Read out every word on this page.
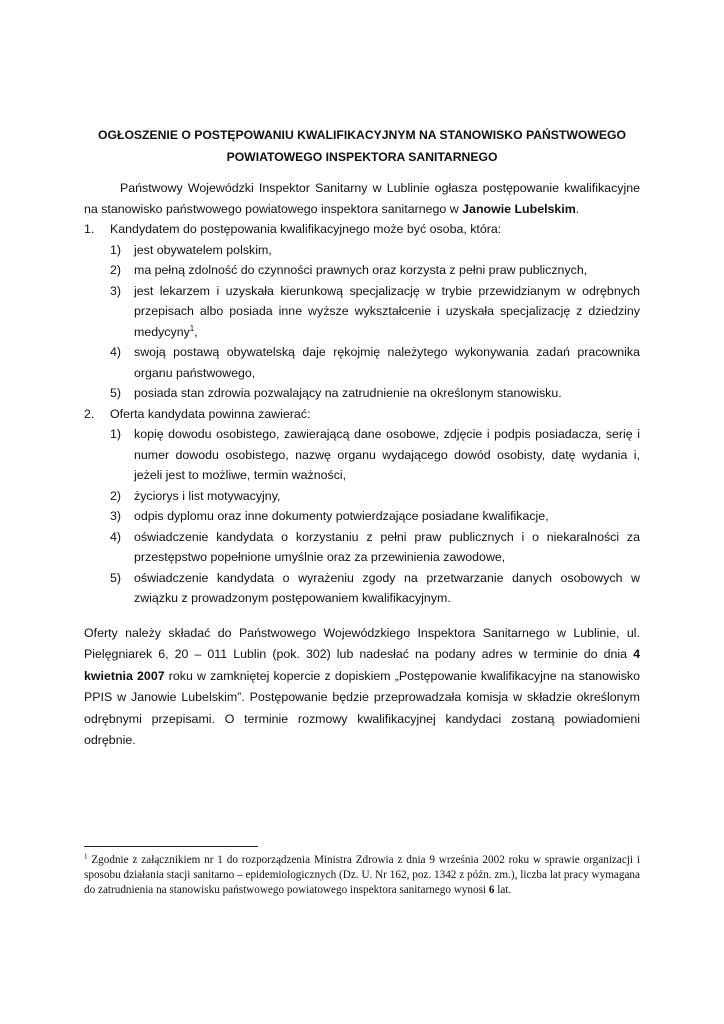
OGŁOSZENIE O POSTĘPOWANIU KWALIFIKACYJNYM NA STANOWISKO PAŃSTWOWEGO
POWIATOWEGO INSPEKTORA SANITARNEGO

Państwowy Wojewódzki Inspektor Sanitarny w Lublinie ogłasza postępowanie kwalifikacyjne na stanowisko państwowego powiatowego inspektora sanitarnego w Janowie Lubelskim.

1. Kandydatem do postępowania kwalifikacyjnego może być osoba, która:
1) jest obywatelem polskim,
2) ma pełną zdolność do czynności prawnych oraz korzysta z pełni praw publicznych,
3) jest lekarzem i uzyskała kierunkową specjalizację w trybie przewidzianym w odrębnych przepisach albo posiada inne wyższe wykształcenie i uzyskała specjalizację z dziedziny medycyny$^1$,
4) swoją postawą obywatelską daje rękojmię należytego wykonywania zadań pracownika organu państwowego,
5) posiada stan zdrowia pozwalający na zatrudnienie na określonym stanowisku.
2. Oferta kandydata powinna zawierać:
1) kopię dowodu osobistego, zawierającą dane osobowe, zdjęcie i podpis posiadacza, serię i numer dowodu osobistego, nazwę organu wydającego dowód osobisty, datę wydania i, jeżeli jest to możliwe, termin ważności,
2) życiorys i list motywacyjny,
3) odpis dyplomu oraz inne dokumenty potwierdzające posiadane kwalifikacje,
4) oświadczenie kandydata o korzystaniu z pełni praw publicznych i o niekaralności za przestępstwo popełnione umyślnie oraz za przewinienia zawodowe,
5) oświadczenie kandydata o wyrażeniu zgody na przetwarzanie danych osobowych w związku z prowadzonym postępowaniem kwalifikacyjnym.

Oferty należy składać do Państwowego Wojewódzkiego Inspektora Sanitarnego w Lublinie, ul. Pielęgniarek 6, 20 – 011 Lublin (pok. 302) lub nadesłać na podany adres w terminie do dnia 4 kwietnia 2007 roku w zamkniętej kopercie z dopiskiem „Postępowanie kwalifikacyjne na stanowisko PPIS w Janowie Lubelskim”. Postępowanie będzie przeprowadzała komisja w składzie określonym odrębnymi przepisami. O terminie rozmowy kwalifikacyjnej kandydaci zostaną powiadomieni odrębnie.

$^1$ Zgodnie z załącznikiem nr 1 do rozporządzenia Ministra Zdrowia z dnia 9 września 2002 roku w sprawie organizacji i sposobu działania stacji sanitarno – epidemiologicznych (Dz. U. Nr 162, poz. 1342 z późn. zm.), liczba lat pracy wymagana do zatrudnienia na stanowisku państwowego powiatowego inspektora sanitarnego wynosi 6 lat.
